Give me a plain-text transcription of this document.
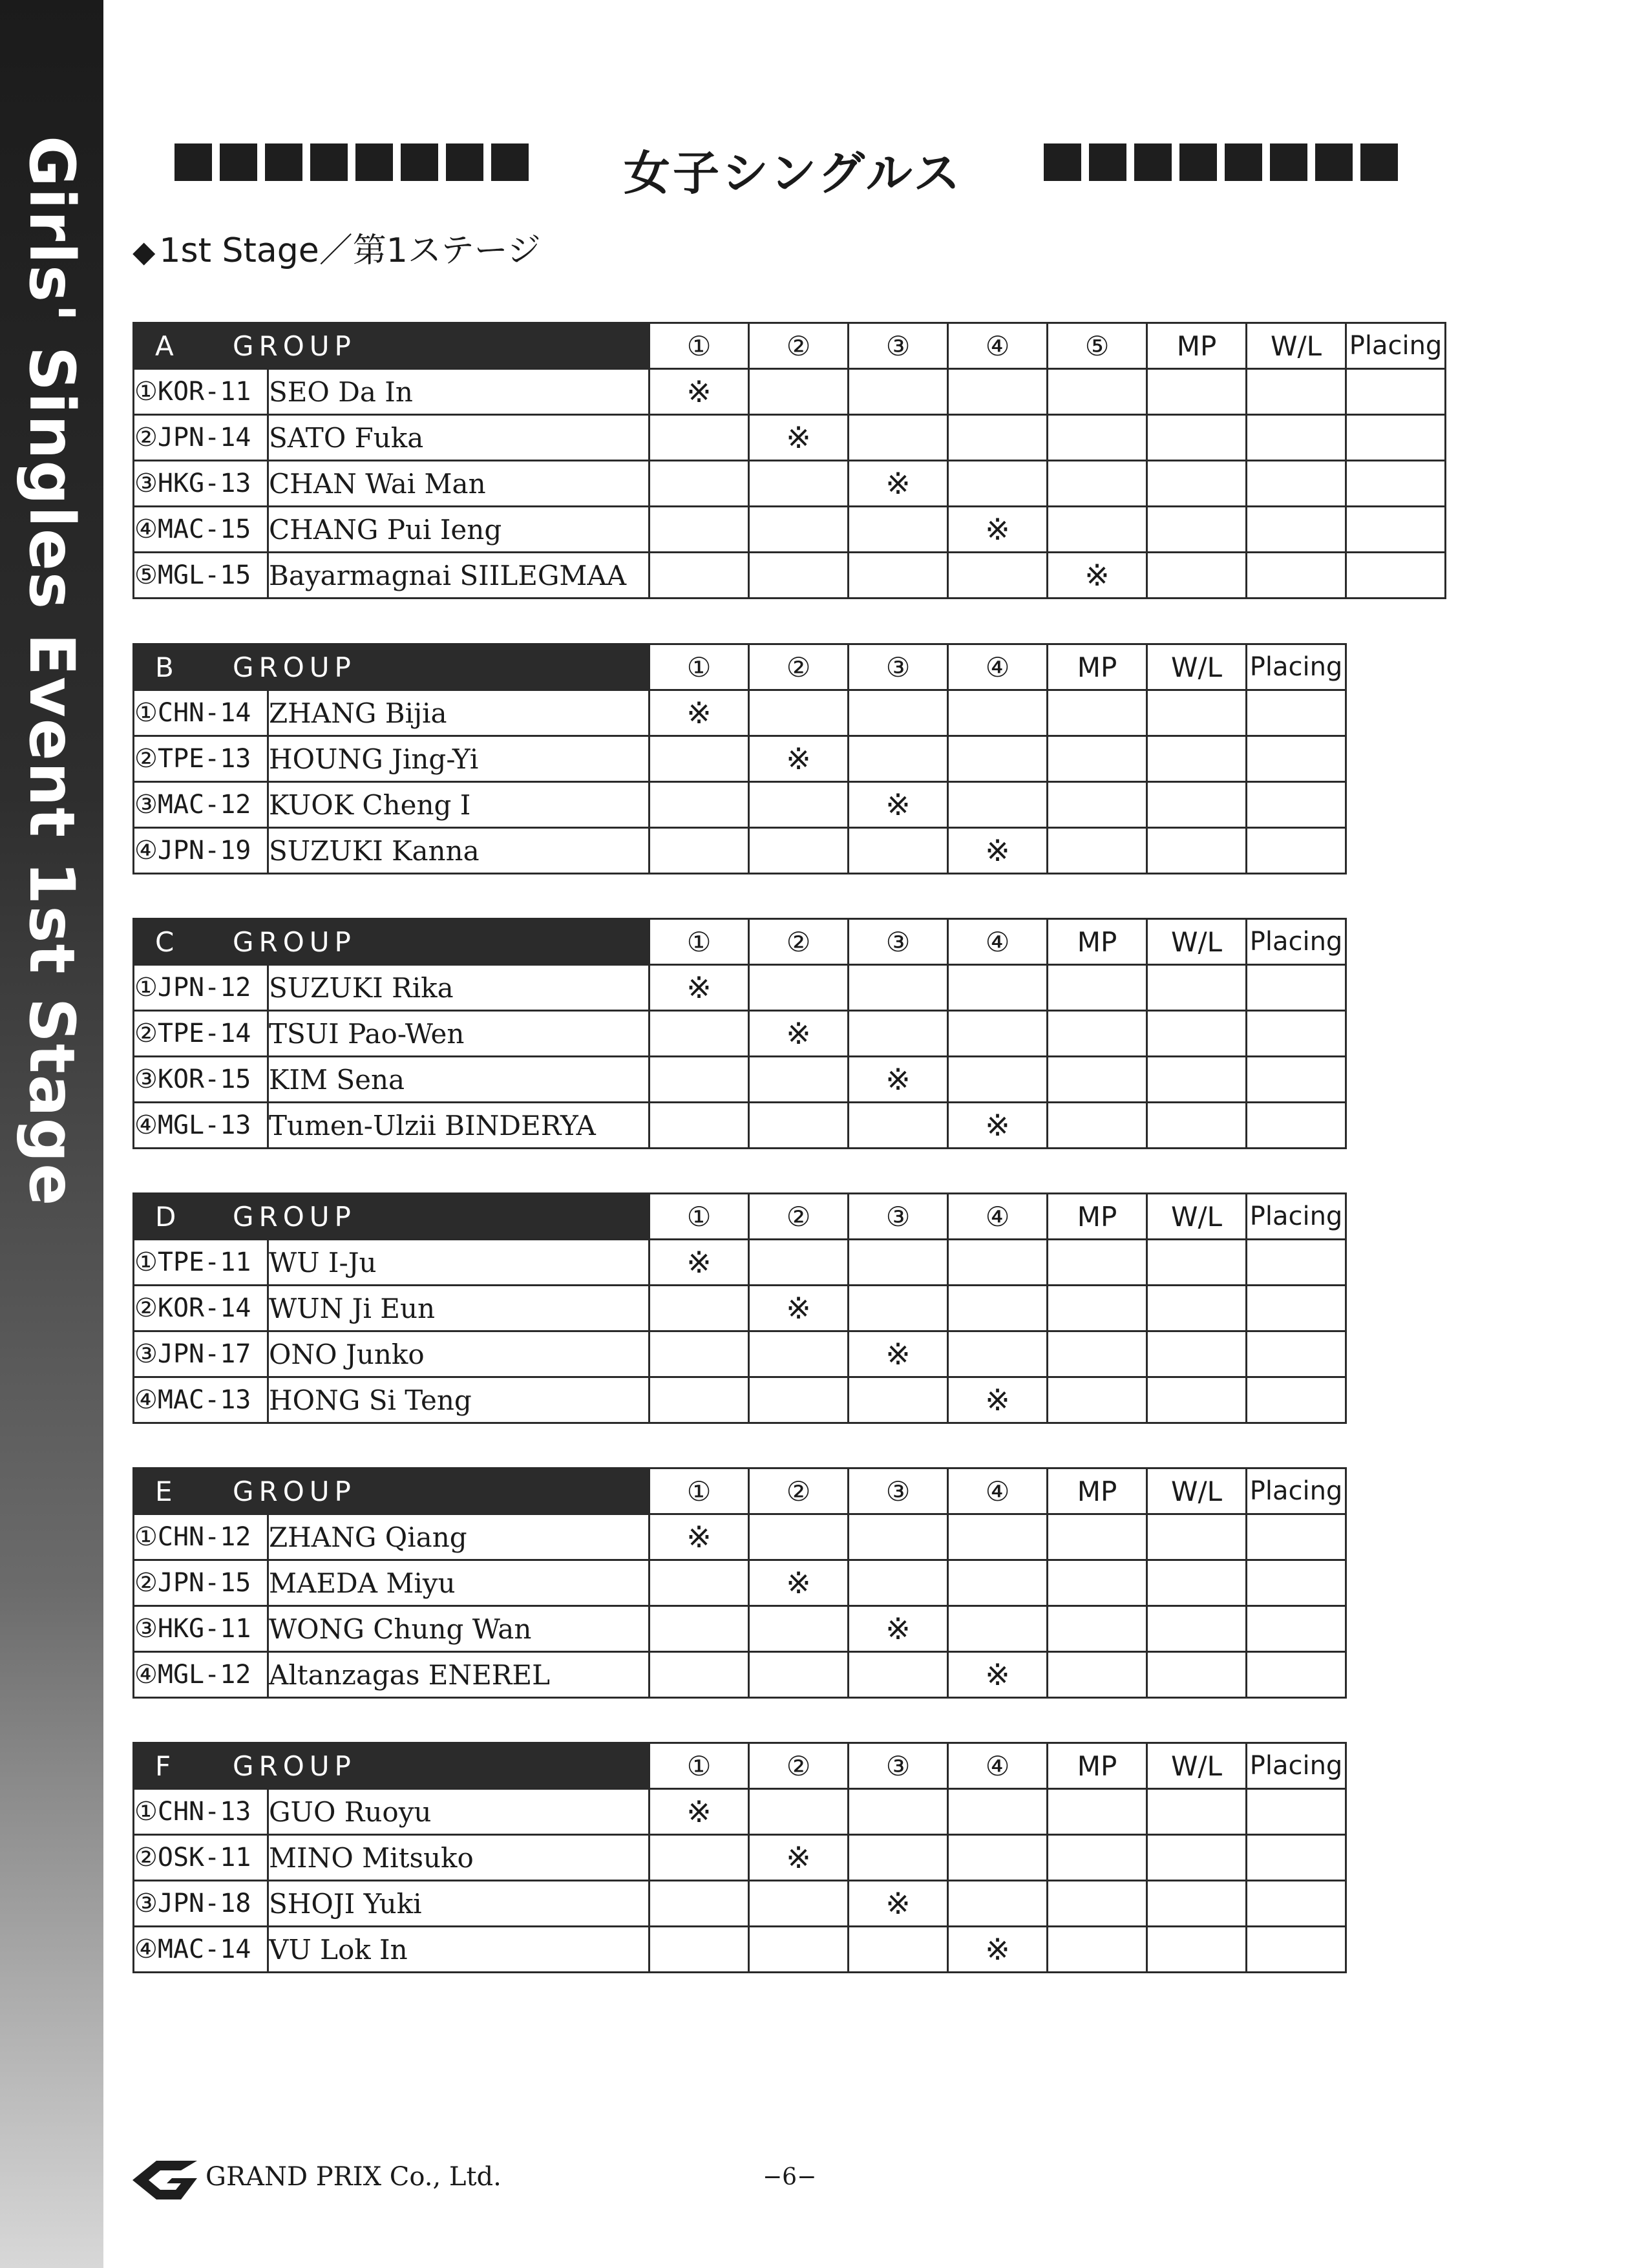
Girls' Singles Event 1st Stage	女子シングルス
◆ 1st Stage／第1ステージ
A GROUP		①	②	③	④	⑤	MP	W/L	Placing
①KOR-11	SEO Da In	※							
②JPN-14	SATO Fuka		※						
③HKG-13	CHAN Wai Man			※					
④MAC-15	CHANG Pui Ieng				※				
⑤MGL-15	Bayarmagnai SIILEGMAA					※			
B GROUP		①	②	③	④	MP	W/L	Placing
①CHN-14	ZHANG Bijia	※						
②TPE-13	HOUNG Jing-Yi		※					
③MAC-12	KUOK Cheng I			※				
④JPN-19	SUZUKI Kanna				※			
C GROUP		①	②	③	④	MP	W/L	Placing
①JPN-12	SUZUKI Rika	※						
②TPE-14	TSUI Pao-Wen		※					
③KOR-15	KIM Sena			※				
④MGL-13	Tumen-Ulzii BINDERYA				※			
D GROUP		①	②	③	④	MP	W/L	Placing
①TPE-11	WU I-Ju	※						
②KOR-14	WUN Ji Eun		※					
③JPN-17	ONO Junko			※				
④MAC-13	HONG Si Teng				※			
E GROUP		①	②	③	④	MP	W/L	Placing
①CHN-12	ZHANG Qiang	※						
②JPN-15	MAEDA Miyu		※					
③HKG-11	WONG Chung Wan			※				
④MGL-12	Altanzagas ENEREL				※			
F GROUP		①	②	③	④	MP	W/L	Placing
①CHN-13	GUO Ruoyu	※						
②OSK-11	MINO Mitsuko		※					
③JPN-18	SHOJI Yuki			※				
④MAC-14	VU Lok In				※			
GRAND PRIX Co., Ltd.	−6−
